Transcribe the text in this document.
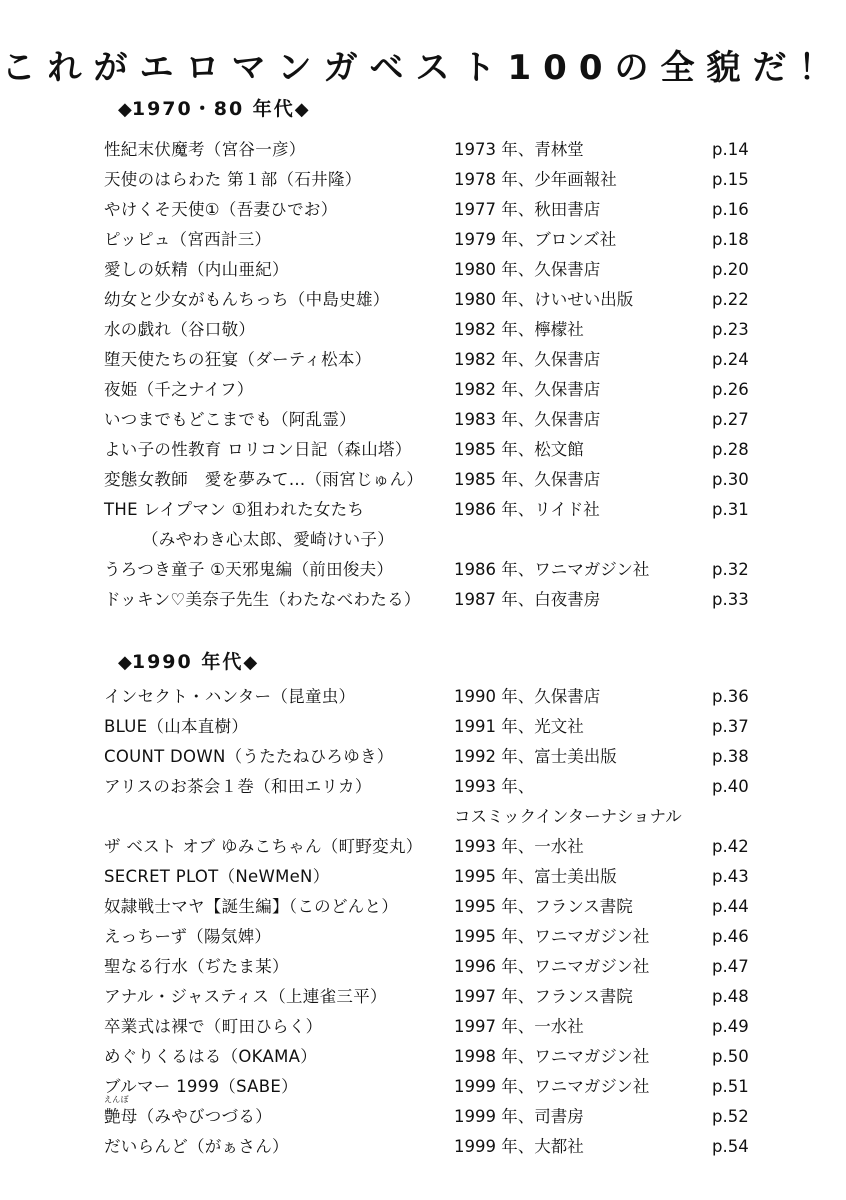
これがエロマンガベスト100の全貌だ！
◆1970・80 年代◆
性紀末伏魔考（宮谷一彦）	1973 年、青林堂	p.14
天使のはらわた 第１部（石井隆）	1978 年、少年画報社	p.15
やけくそ天使①（吾妻ひでお）	1977 年、秋田書店	p.16
ピッピュ（宮西計三）	1979 年、ブロンズ社	p.18
愛しの妖精（内山亜紀）	1980 年、久保書店	p.20
幼女と少女がもんちっち（中島史雄）	1980 年、けいせい出版	p.22
水の戯れ（谷口敬）	1982 年、檸檬社	p.23
堕天使たちの狂宴（ダーティ松本）	1982 年、久保書店	p.24
夜姫（千之ナイフ）	1982 年、久保書店	p.26
いつまでもどこまでも（阿乱霊）	1983 年、久保書店	p.27
よい子の性教育 ロリコン日記（森山塔）	1985 年、松文館	p.28
変態女教師　愛を夢みて…（雨宮じゅん） 1985 年、久保書店	p.30
THE レイプマン ①狙われた女たち	1986 年、リイド社	p.31
（みやわき心太郎、愛崎けい子）
うろつき童子 ①天邪鬼編（前田俊夫）	1986 年、ワニマガジン社	p.32
ドッキン♡美奈子先生（わたなべわたる） 1987 年、白夜書房	p.33
◆1990 年代◆
インセクト・ハンター（昆童虫）	1990 年、久保書店	p.36
BLUE（山本直樹）	1991 年、光文社	p.37
COUNT DOWN（うたたねひろゆき）	1992 年、富士美出版	p.38
アリスのお茶会１巻（和田エリカ）	1993 年、	p.40
コスミックインターナショナル
ザ ベスト オブ ゆみこちゃん（町野変丸） 1993 年、一水社	p.42
SECRET PLOT（NeWMeN）	1995 年、富士美出版	p.43
奴隷戦士マヤ【誕生編】（このどんと）	1995 年、フランス書院	p.44
えっちーず（陽気婢）	1995 年、ワニマガジン社	p.46
聖なる行水（ぢたま某）	1996 年、ワニマガジン社	p.47
アナル・ジャスティス（上連雀三平）	1997 年、フランス書院	p.48
卒業式は裸で（町田ひらく）	1997 年、一水社	p.49
めぐりくるはる（OKAMA）	1998 年、ワニマガジン社	p.50
ブルマー 1999（SABE）	1999 年、ワニマガジン社	p.51
えんぼ
艶母（みやびつづる）	1999 年、司書房	p.52
だいらんど（がぁさん）	1999 年、大都社	p.54
